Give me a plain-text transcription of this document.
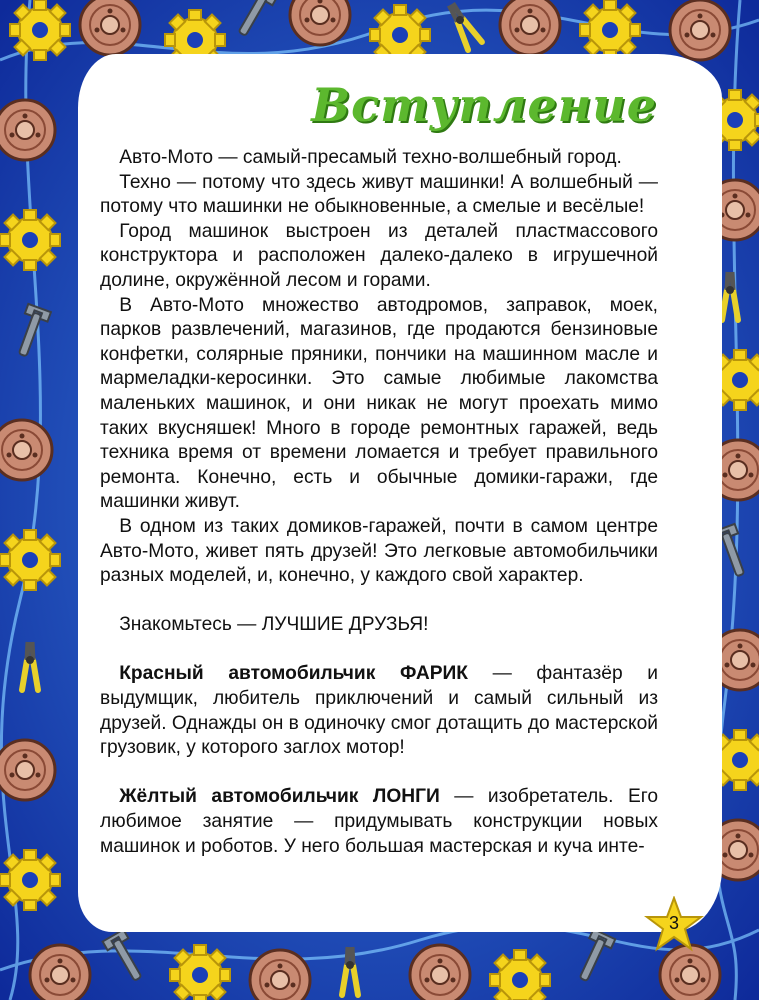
Вступление

 Авто-Мото — самый-пресамый техно-волшебный город.

 Техно — потому что здесь живут машинки! А волшебный — потому что машинки не обыкновенные, а смелые и весёлые!

 Город машинок выстроен из деталей пластмассового конструктора и расположен далеко-далеко в игрушечной долине, окружённой лесом и горами.

 В Авто-Мото множество автодромов, заправок, моек, парков развлечений, магазинов, где продаются бензиновые конфетки, солярные пряники, пончики на машинном масле и мармеладки-керосинки. Это самые любимые лакомства маленьких машинок, и они никак не могут проехать мимо таких вкусняшек! Много в городе ремонтных гаражей, ведь техника время от времени ломается и требует правильного ремонта. Конечно, есть и обычные домики-гаражи, где машинки живут.

 В одном из таких домиков-гаражей, почти в самом центре Авто-Мото, живет пять друзей! Это легковые автомобильчики разных моделей, и, конечно, у каждого свой характер.

 Знакомьтесь — ЛУЧШИЕ ДРУЗЬЯ!

 Красный автомобильчик ФАРИК — фантазёр и выдумщик, любитель приключений и самый сильный из друзей. Однажды он в одиночку смог дотащить до мастерской грузовик, у которого заглох мотор!

 Жёлтый автомобильчик ЛОНГИ — изобретатель. Его любимое занятие — придумывать конструкции новых машинок и роботов. У него большая мастерская и куча инте-

3
